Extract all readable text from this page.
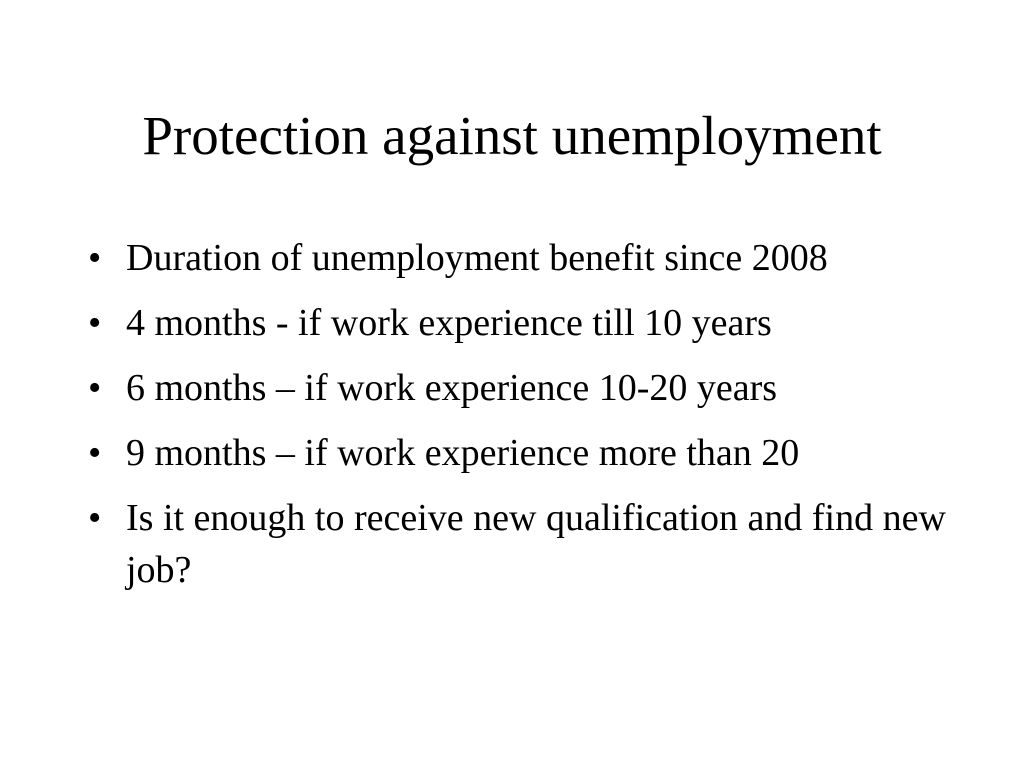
Protection against unemployment
• Duration of unemployment benefit since 2008
• 4 months - if work experience till 10 years
• 6 months – if work experience 10-20 years
• 9 months – if work experience more than 20
• Is it enough to receive new qualification and find new job?
